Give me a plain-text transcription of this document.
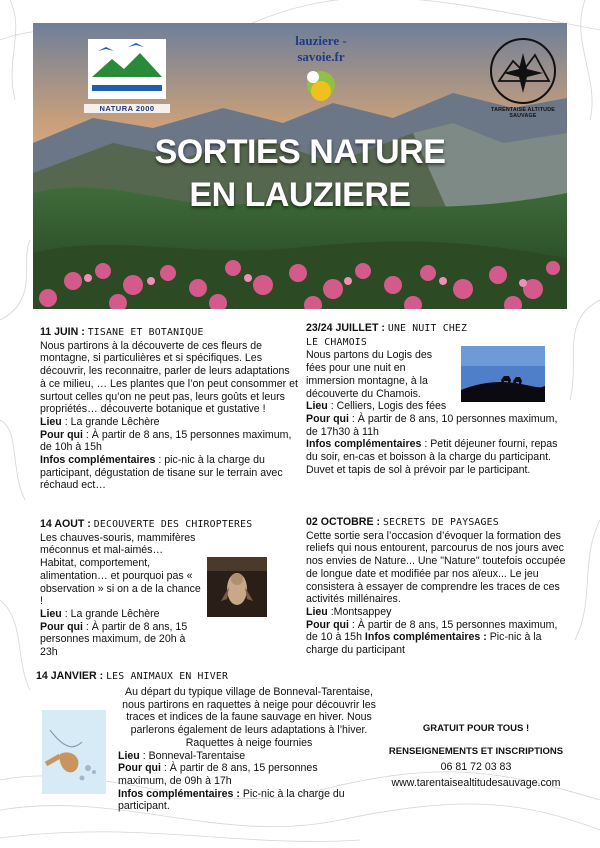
NATURA 2000
lauziere - savoie.fr
TARENTAISE ALTITUDE SAUVAGE
SORTIES NATURE
EN LAUZIERE
11 JUIN : TISANE ET BOTANIQUE

Nous partirons à la découverte de ces fleurs de montagne, si particulières et si spécifiques. Les découvrir, les reconnaitre, parler de leurs adaptations à ce milieu, … Les plantes que l’on peut consommer et surtout celles qu’on ne peut pas, leurs goûts et leurs propriétés… découverte botanique et gustative !

Lieu : La grande Lêchère

Pour qui : À partir de 8 ans, 15 personnes maximum, de 10h à 15h

Infos complémentaires : pic-nic à la charge du participant, dégustation de tisane sur le terrain avec réchaud ect…

23/24 JUILLET : UNE NUIT CHEZ LE CHAMOIS

Nous partons du Logis des fées pour une nuit en immersion montagne, à la découverte du Chamois.

Lieu : Celliers, Logis des fées

Pour qui : À partir de 8 ans, 10 personnes maximum, de 17h30 à 11h

Infos complémentaires : Petit déjeuner fourni, repas du soir, en-cas et boisson à la charge du participant. Duvet et tapis de sol à prévoir par le participant.

14 AOUT : DECOUVERTE DES CHIROPTERES

Les chauves-souris, mammifères méconnus et mal-aimés… Habitat, comportement, alimentation… et pourquoi pas « observation » si on a de la chance !

Lieu : La grande Lêchère

Pour qui : À partir de 8 ans, 15 personnes maximum, de 20h à 23h

02 OCTOBRE : SECRETS DE PAYSAGES

Cette sortie sera l’occasion d’évoquer la formation des reliefs qui nous entourent, parcourus de nos jours avec nos envies de Nature... Une "Nature" toutefois occupée de longue date et modifiée par nos aïeux... Le jeu consistera à essayer de comprendre les traces de ces activités millénaires.

Lieu :Montsappey

Pour qui : À partir de 8 ans, 15 personnes maximum, de 10 à 15h Infos complémentaires : Pic-nic à la charge du participant

14 JANVIER : LES ANIMAUX EN HIVER

Au départ du typique village de Bonneval-Tarentaise, nous partirons en raquettes à neige pour découvrir les traces et indices de la faune sauvage en hiver. Nous parlerons également de leurs adaptations à l’hiver. Raquettes à neige fournies

Lieu : Bonneval-Tarentaise

Pour qui : À partir de 8 ans, 15 personnes maximum, de 09h à 17h

Infos complémentaires : Pic-nic à la charge du participant.

GRATUIT POUR TOUS !
RENSEIGNEMENTS ET INSCRIPTIONS
06 81 72 03 83
www.tarentaisealtitudesauvage.com
